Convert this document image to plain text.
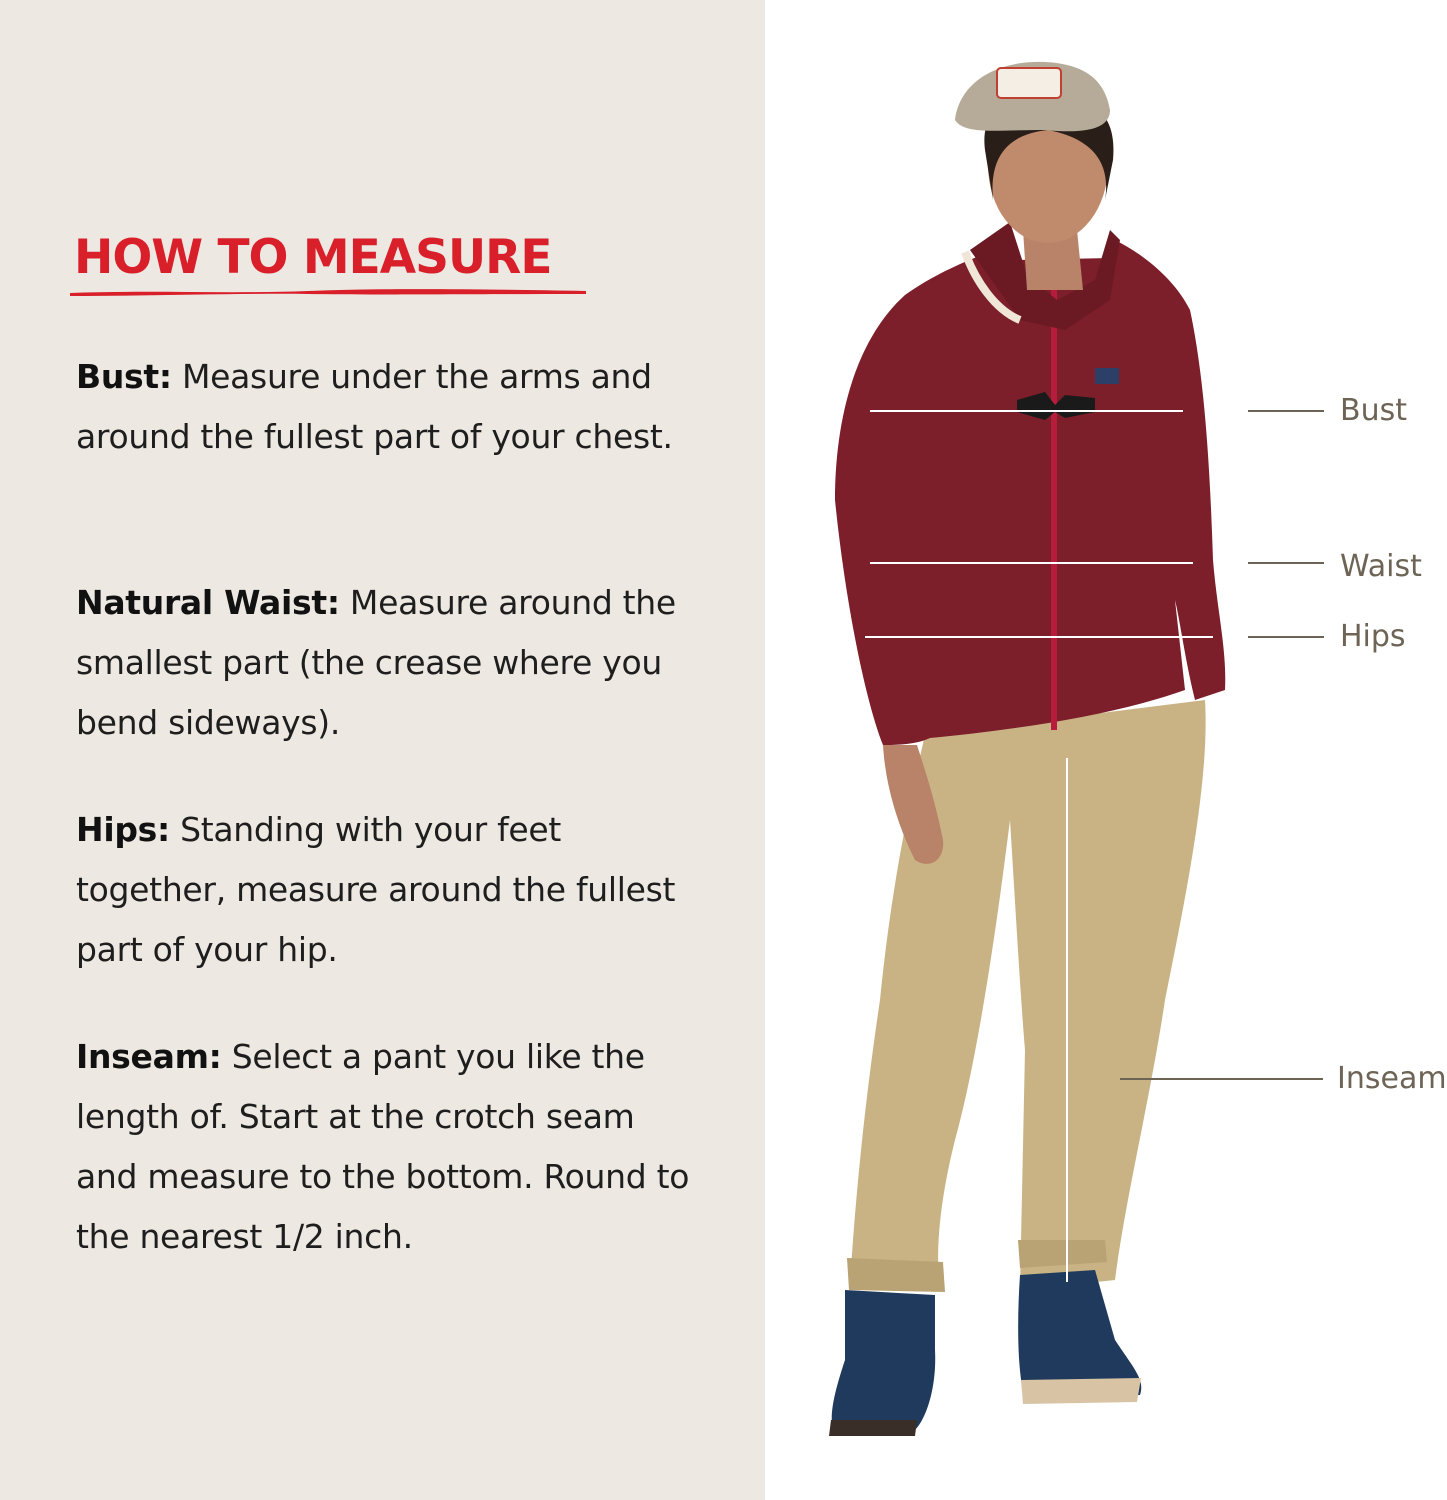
HOW TO MEASURE

Bust: Measure under the arms and around the fullest part of your chest.

Natural Waist: Measure around the smallest part (the crease where you bend sideways).

Hips: Standing with your feet together, measure around the fullest part of your hip.

Inseam: Select a pant you like the length of. Start at the crotch seam and measure to the bottom. Round to the nearest 1/2 inch.

Bust
Waist
Hips
Inseam
